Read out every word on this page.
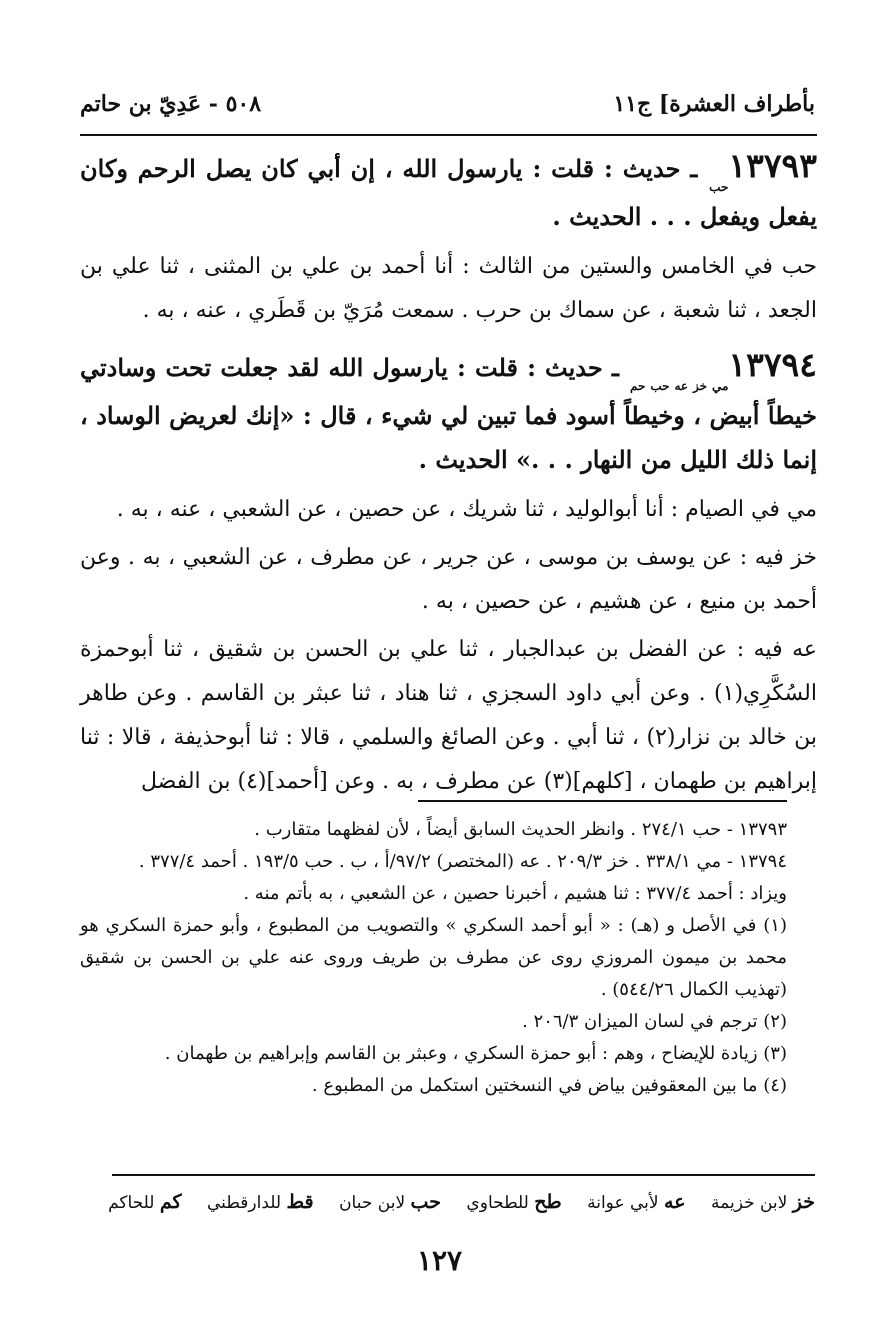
بأطراف العشرة] ج١١
٥٠٨ - عَدِيّ بن حاتم

$١٣٧٩٣_{حب}$ ـ حديث : قلت : يارسول الله ، إن أبي كان يصل الرحم وكان يفعل ويفعل . . . الحديث .

حب في الخامس والستين من الثالث : أنا أحمد بن علي بن المثنى ، ثنا علي بن الجعد ، ثنا شعبة ، عن سماك بن حرب . سمعت مُرَيّ بن قَطَري ، عنه ، به .

$١٣٧٩٤_{مي خز عه حب حم}$ ـ حديث : قلت : يارسول الله لقد جعلت تحت وسادتي خيطاً أبيض ، وخيطاً أسود فما تبين لي شيء ، قال : «إنك لعريض الوساد ، إنما ذلك الليل من النهار . . .» الحديث .

مي في الصيام : أنا أبوالوليد ، ثنا شريك ، عن حصين ، عن الشعبي ، عنه ، به .

خز فيه : عن يوسف بن موسى ، عن جرير ، عن مطرف ، عن الشعبي ، به . وعن أحمد بن منيع ، عن هشيم ، عن حصين ، به .

عه فيه : عن الفضل بن عبدالجبار ، ثنا علي بن الحسن بن شقيق ، ثنا أبوحمزة السُكَّرِي(١) . وعن أبي داود السجزي ، ثنا هناد ، ثنا عبثر بن القاسم . وعن طاهر بن خالد بن نزار(٢) ، ثنا أبي . وعن الصائغ والسلمي ، قالا : ثنا أبوحذيفة ، قالا : ثنا إبراهيم بن طهمان ، [كلهم](٣) عن مطرف ، به . وعن [أحمد](٤) بن الفضل

١٣٧٩٣ - حب ٢٧٤/١ . وانظر الحديث السابق أيضاً ، لأن لفظهما متقارب .

١٣٧٩٤ - مي ٣٣٨/١ . خز ٢٠٩/٣ . عه (المختصر) ٩٧/٢/أ ، ب . حب ١٩٣/٥ . أحمد ٣٧٧/٤ .

ويزاد : أحمد ٣٧٧/٤ : ثنا هشيم ، أخبرنا حصين ، عن الشعبي ، به بأتم منه .

(١) في الأصل و (هـ) : « أبو أحمد السكري » والتصويب من المطبوع ، وأبو حمزة السكري هو محمد بن ميمون المروزي روى عن مطرف بن طريف وروى عنه علي بن الحسن بن شقيق (تهذيب الكمال ٥٤٤/٢٦) .

(٢) ترجم في لسان الميزان ٢٠٦/٣ .

(٣) زيادة للإيضاح ، وهم : أبو حمزة السكري ، وعبثر بن القاسم وإبراهيم بن طهمان .

(٤) ما بين المعقوفين بياض في النسختين استكمل من المطبوع .

خز لابن خزيمة
عه لأبي عوانة
طح للطحاوي
حب لابن حبان
قط للدارقطني
كم للحاكم
١٢٧
